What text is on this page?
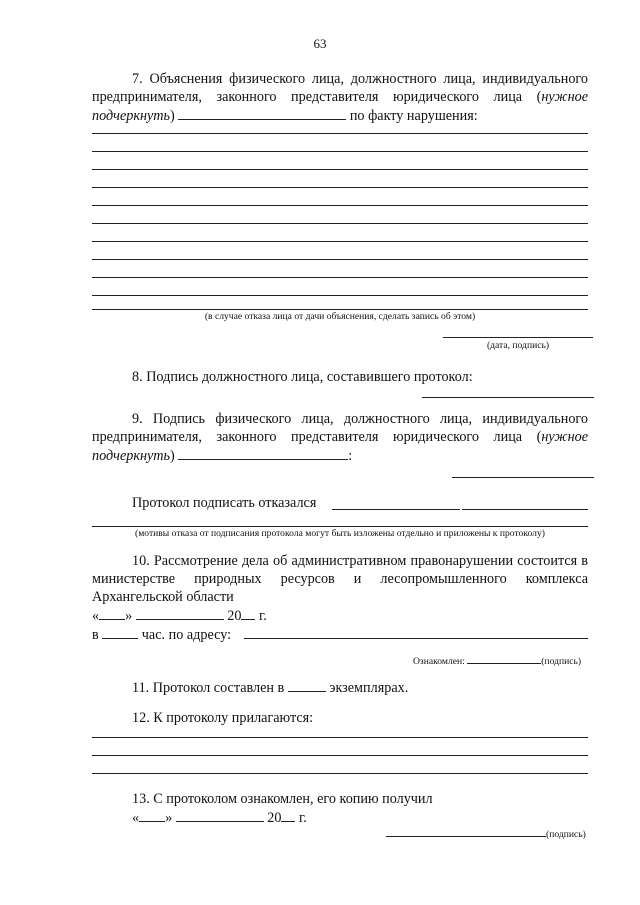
63
7. Объяснения физического лица, должностного лица, индивидуального предпринимателя, законного представителя юридического лица (нужное подчеркнуть)	по факту нарушения:
(в случае отказа лица от дачи объяснения, сделать запись об этом)
(дата, подпись)
8. Подпись должностного лица, составившего протокол:
9. Подпись физического лица, должностного лица, индивидуального предпринимателя, законного представителя юридического лица (нужное подчеркнуть)	:
Протокол подписать отказался
(мотивы отказа от подписания протокола могут быть изложены отдельно и приложены к протоколу)
10. Рассмотрение дела об административном правонарушении состоится в министерстве природных ресурсов и лесопромышленного комплекса Архангельской области
« »	20 г.
в	час. по адресу:
Ознакомлен:	(подпись)
11. Протокол составлен в	экземплярах.
12. К протоколу прилагаются:
13. С протоколом ознакомлен, его копию получил
« »	20 г.
(подпись)
